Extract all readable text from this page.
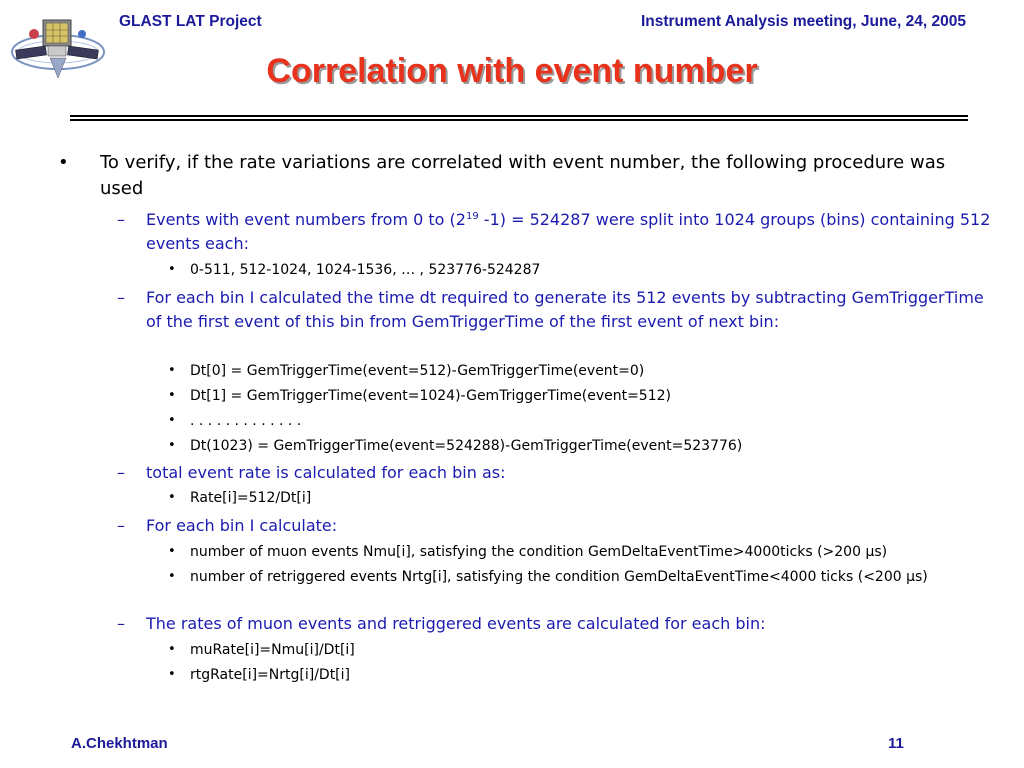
GLAST LAT Project	Instrument Analysis meeting, June, 24, 2005
Correlation with event number
• To verify, if the rate variations are correlated with event number, the following procedure was used
– Events with event numbers from 0 to ($2^{19}$ -1) = 524287 were split into 1024 groups (bins) containing 512 events each:
• 0-511, 512-1024, 1024-1536, … , 523776-524287
– For each bin I calculated the time dt required to generate its 512 events by subtracting GemTriggerTime of the first event of this bin from GemTriggerTime of the first event of next bin:
• Dt[0] = GemTriggerTime(event=512)-GemTriggerTime(event=0)
• Dt[1] = GemTriggerTime(event=1024)-GemTriggerTime(event=512)
• . . . . . . . . . . . . .
• Dt(1023) = GemTriggerTime(event=524288)-GemTriggerTime(event=523776)
– total event rate is calculated for each bin as:
• Rate[i]=512/Dt[i]
– For each bin I calculate:
• number of muon events Nmu[i], satisfying the condition GemDeltaEventTime>4000ticks (>200 µs)
• number of retriggered events Nrtg[i], satisfying the condition GemDeltaEventTime<4000 ticks (<200 µs)
– The rates of muon events and retriggered events are calculated for each bin:
• muRate[i]=Nmu[i]/Dt[i]
• rtgRate[i]=Nrtg[i]/Dt[i]
A.Chekhtman	11
